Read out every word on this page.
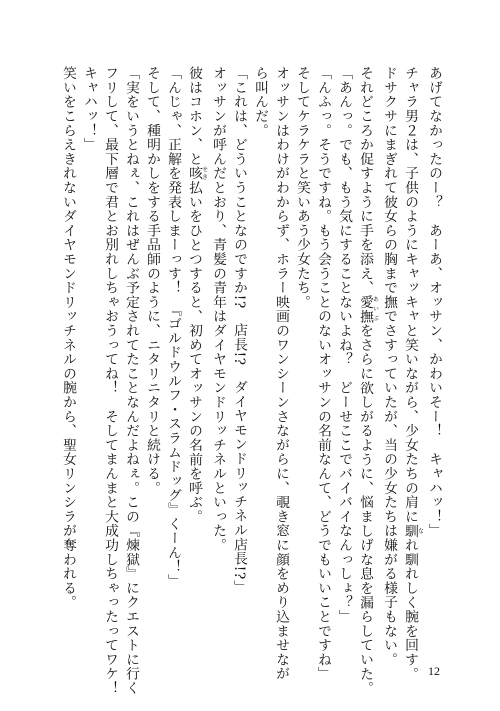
あげてなかったのー？　あーあ、オッサン、かわいそー！　キャハッ！」
チャラ男２は、子供のようにキャッキャと笑いながら、少女たちの肩に馴なれ馴れしく腕を回す。
ドサクサにまぎれて彼女らの胸まで撫でさすっていたが、当の少女たちは嫌がる様子もない。
それどころか促すように手を添え、愛撫あいぶをさらに欲しがるように、悩ましげな息を漏らしていた。
「あんっ。でも、もう気にすることないよね？　どーせここでバイバイなんっしょ？」
「んふっ。そうですね。もう会うことのないオッサンの名前なんて、どうでもいいことですね」
そしてケラケラと笑いあう少女たち。
オッサンはわけがわからず、ホラー映画のワンシーンさながらに、覗き窓に顔をめり込ませなが
ら叫んだ。
「これは、どういうことなのですか!?　店長!?　ダイヤモンドリッチネル店長!?」
オッサンが呼んだとおり、青髪の青年はダイヤモンドリッチネルといった。
彼はコホン、と咳せき払いをひとつすると、初めてオッサンの名前を呼ぶ。
「んじゃ、正解を発表しまーっす！　『ゴルドウルフ・スラムドッグ』くーん！」
そして、種明かしをする手品師のように、ニタリニタリと続ける。
「実をいうとねぇ、これはぜんぶ予定されてたことなんだよねぇ。この『煉獄』にクエストに行く
フリして、最下層で君とお別れしちゃおうってね！　そしてまんまと大成功しちゃったってワケ！
キャハッ！」
笑いをこらえきれないダイヤモンドリッチネルの腕から、聖女リンシラが奪われる。
12
